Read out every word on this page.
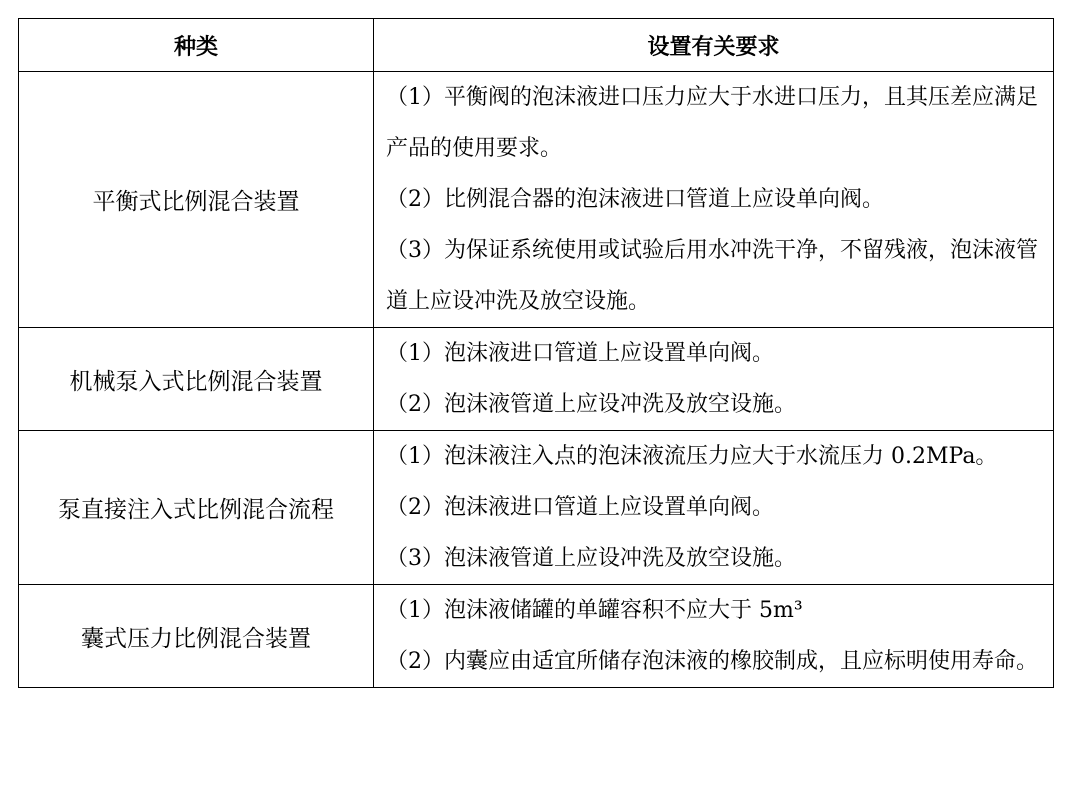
种类	设置有关要求
平衡式比例混合装置	（1）平衡阀的泡沫液进口压力应大于水进口压力，且其压差应满足产品的使用要求。
（2）比例混合器的泡沫液进口管道上应设单向阀。
（3）为保证系统使用或试验后用水冲洗干净，不留残液，泡沫液管道上应设冲洗及放空设施。

机械泵入式比例混合装置	（1）泡沫液进口管道上应设置单向阀。
（2）泡沫液管道上应设冲洗及放空设施。

泵直接注入式比例混合流程	（1）泡沫液注入点的泡沫液流压力应大于水流压力 0.2MPa。
（2）泡沫液进口管道上应设置单向阀。
（3）泡沫液管道上应设冲洗及放空设施。

囊式压力比例混合装置	（1）泡沫液储罐的单罐容积不应大于 5m³
（2）内囊应由适宜所储存泡沫液的橡胶制成，且应标明使用寿命。
